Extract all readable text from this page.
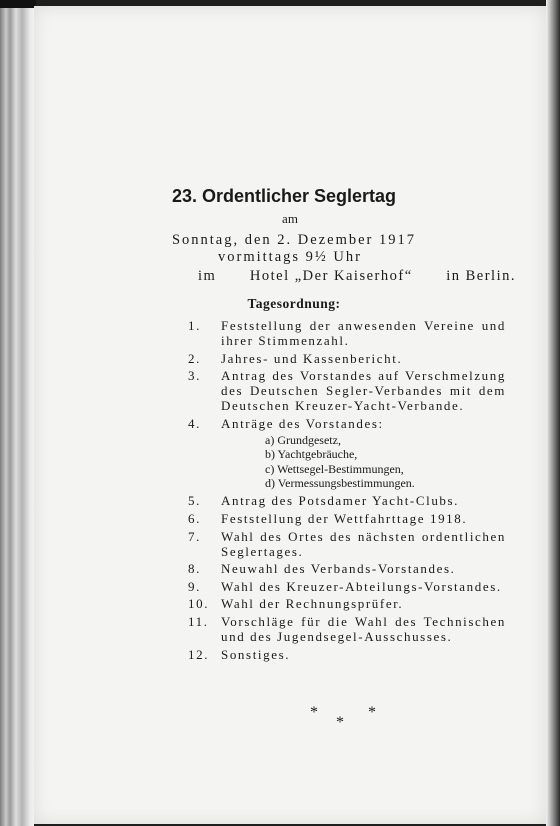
23. Ordentlicher Seglertag
am
Sonntag, den 2. Dezember 1917
vormittags 9½ Uhr
im Hotel „Der Kaiserhof“ in Berlin.
Tagesordnung:
1.	Feststellung der anwesenden Vereine und ihrer Stimmenzahl.
2.	Jahres- und Kassenbericht.
3.	Antrag des Vorstandes auf Verschmelzung des Deutschen Segler-Verbandes mit dem Deutschen Kreuzer-Yacht-Verbande.
4.	Anträge des Vorstandes:
a) Grundgesetz,
b) Yachtgebräuche,
c) Wettsegel-Bestimmungen,
d) Vermessungsbestimmungen.
5.	Antrag des Potsdamer Yacht-Clubs.
6.	Feststellung der Wettfahrttage 1918.
7.	Wahl des Ortes des nächsten ordentlichen Seglertages.
8.	Neuwahl des Verbands-Vorstandes.
9.	Wahl des Kreuzer-Abteilungs-Vorstandes.
10. Wahl der Rechnungsprüfer.
11. Vorschläge für die Wahl des Technischen und des Jugendsegel-Ausschusses.
12. Sonstiges.
*
*
*
